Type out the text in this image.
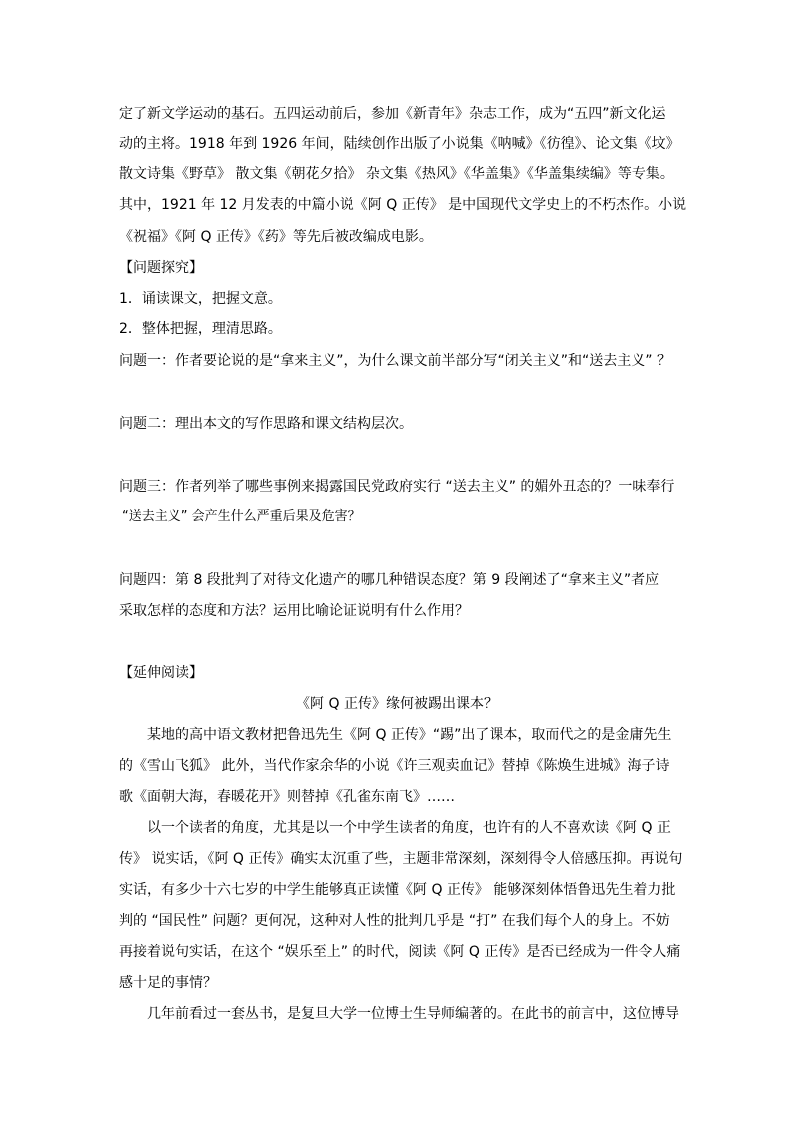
定了新文学运动的基石。五四运动前后，参加《新青年》杂志工作，成为“五四”新文化运
动的主将。1918 年到 1926 年间，陆续创作出版了小说集《呐喊》《彷徨》、论文集《坟》
散文诗集《野草》 散文集《朝花夕拾》 杂文集《热风》《华盖集》《华盖集续编》等专集。
其中，1921 年 12 月发表的中篇小说《阿 Q 正传》 是中国现代文学史上的不朽杰作。小说
《祝福》《阿 Q 正传》《药》等先后被改编成电影。
【问题探究】
1．诵读课文，把握文意。
2．整体把握，理清思路。
问题一：作者要论说的是“拿来主义”，为什么课文前半部分写“闭关主义”和“送去主义” ？
问题二：理出本文的写作思路和课文结构层次。
问题三：作者列举了哪些事例来揭露国民党政府实行 “送去主义” 的媚外丑态的？一味奉行
“送去主义” 会产生什么严重后果及危害？
问题四：第 8 段批判了对待文化遗产的哪几种错误态度？第 9 段阐述了“拿来主义”者应
采取怎样的态度和方法？运用比喻论证说明有什么作用？
【延伸阅读】
《阿 Q 正传》缘何被踢出课本？
某地的高中语文教材把鲁迅先生《阿 Q 正传》“踢”出了课本，取而代之的是金庸先生
的《雪山飞狐》 此外，当代作家余华的小说《许三观卖血记》替掉《陈焕生进城》海子诗
歌《面朝大海，春暖花开》则替掉《孔雀东南飞》……
以一个读者的角度，尤其是以一个中学生读者的角度，也许有的人不喜欢读《阿 Q 正
传》 说实话，《阿 Q 正传》确实太沉重了些，主题非常深刻，深刻得令人倍感压抑。再说句
实话，有多少十六七岁的中学生能够真正读懂《阿 Q 正传》 能够深刻体悟鲁迅先生着力批
判的 “国民性” 问题？更何况，这种对人性的批判几乎是 “打” 在我们每个人的身上。不妨
再接着说句实话，在这个 “娱乐至上” 的时代，阅读《阿 Q 正传》是否已经成为一件令人痛
感十足的事情？
几年前看过一套丛书，是复旦大学一位博士生导师编著的。在此书的前言中，这位博导
